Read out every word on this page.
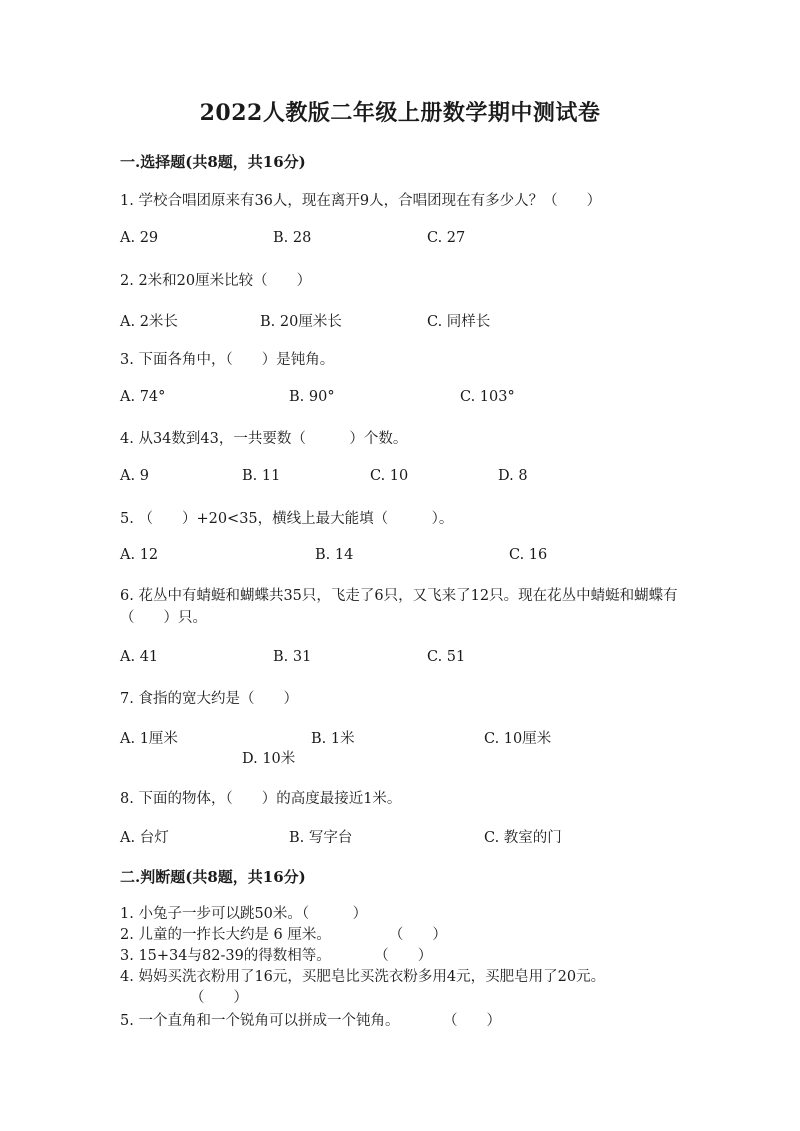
2022人教版二年级上册数学期中测试卷
一.选择题(共8题，共16分)
1. 学校合唱团原来有36人，现在离开9人，合唱团现在有多少人？（　　）
A. 29	B. 28	C. 27
2. 2米和20厘米比较（　　）
A. 2米长	B. 20厘米长	C. 同样长
3. 下面各角中，（　　）是钝角。
A. 74°	B. 90°	C. 103°
4. 从34数到43，一共要数（　　　）个数。
A. 9	B. 11	C. 10	D. 8
5. （　　）+20<35，横线上最大能填（　　　）。
A. 12	B. 14	C. 16
6. 花丛中有蜻蜓和蝴蝶共35只，飞走了6只，又飞来了12只。现在花丛中蜻蜓和蝴蝶有（　　）只。
A. 41	B. 31	C. 51
7. 食指的宽大约是（　　）
A. 1厘米	B. 1米	C. 10厘米
D. 10米
8. 下面的物体，（　　）的高度最接近1米。
A. 台灯	B. 写字台	C. 教室的门
二.判断题(共8题，共16分)
1. 小兔子一步可以跳50米。（　　　）
2. 儿童的一拃长大约是 6 厘米。　　　　　（　　）
3. 15+34与82-39的得数相等。　　　　（　　）
4. 妈妈买洗衣粉用了16元，买肥皂比买洗衣粉多用4元，买肥皂用了20元。
（　　）
5. 一个直角和一个锐角可以拼成一个钝角。　　　　（　　）
